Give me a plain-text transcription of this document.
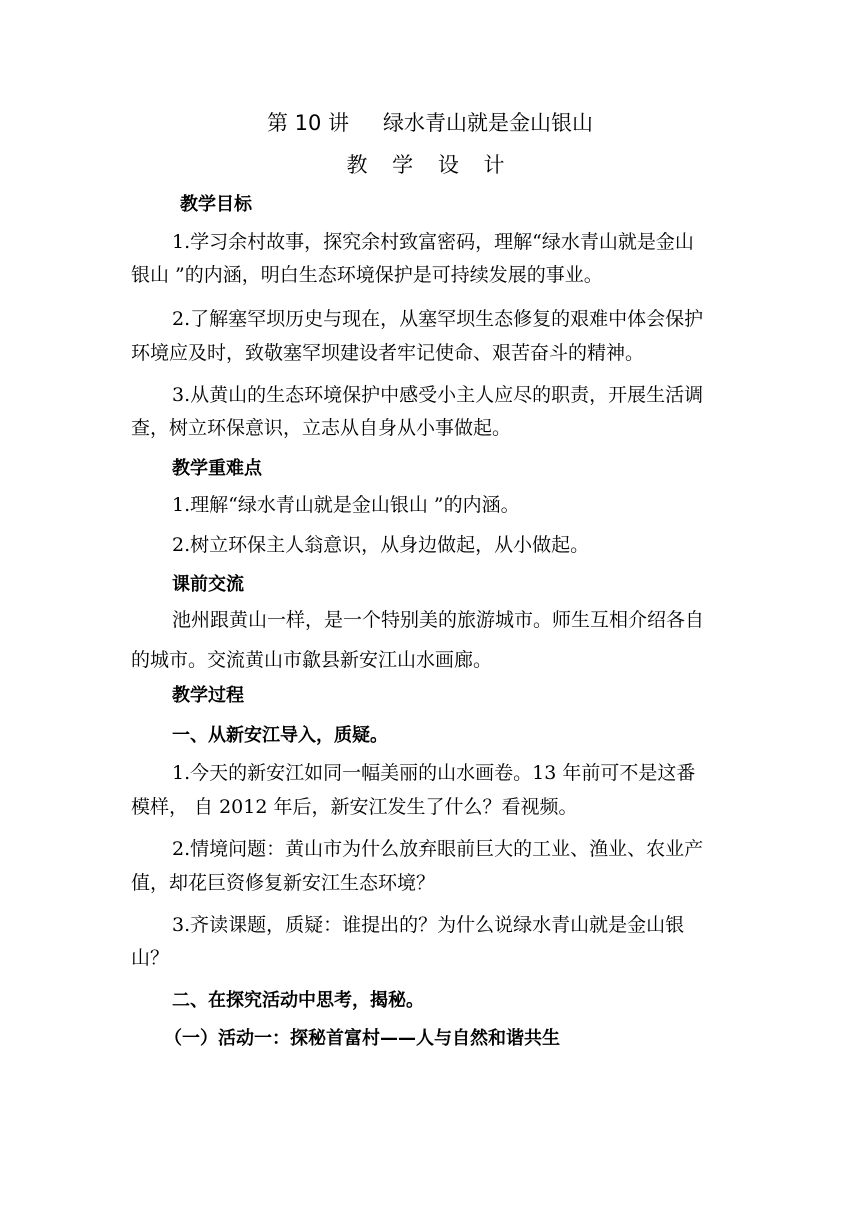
第 10 讲 绿水青山就是金山银山
教 学 设 计
教学目标
1.学习余村故事，探究余村致富密码，理解“绿水青山就是金山
银山 ”的内涵，明白生态环境保护是可持续发展的事业。
2.了解塞罕坝历史与现在，从塞罕坝生态修复的艰难中体会保护
环境应及时，致敬塞罕坝建设者牢记使命、艰苦奋斗的精神。
3.从黄山的生态环境保护中感受小主人应尽的职责，开展生活调
查，树立环保意识，立志从自身从小事做起。
教学重难点
1.理解“绿水青山就是金山银山 ”的内涵。
2.树立环保主人翁意识，从身边做起，从小做起。
课前交流
池州跟黄山一样，是一个特别美的旅游城市。师生互相介绍各自
的城市。交流黄山市歙县新安江山水画廊。
教学过程
一、从新安江导入，质疑。
1.今天的新安江如同一幅美丽的山水画卷。13 年前可不是这番
模样， 自 2012 年后，新安江发生了什么？看视频。
2.情境问题：黄山市为什么放弃眼前巨大的工业、渔业、农业产
值，却花巨资修复新安江生态环境？
3.齐读课题，质疑：谁提出的？为什么说绿水青山就是金山银
山？
二、在探究活动中思考，揭秘。
（一）活动一：探秘首富村——人与自然和谐共生
